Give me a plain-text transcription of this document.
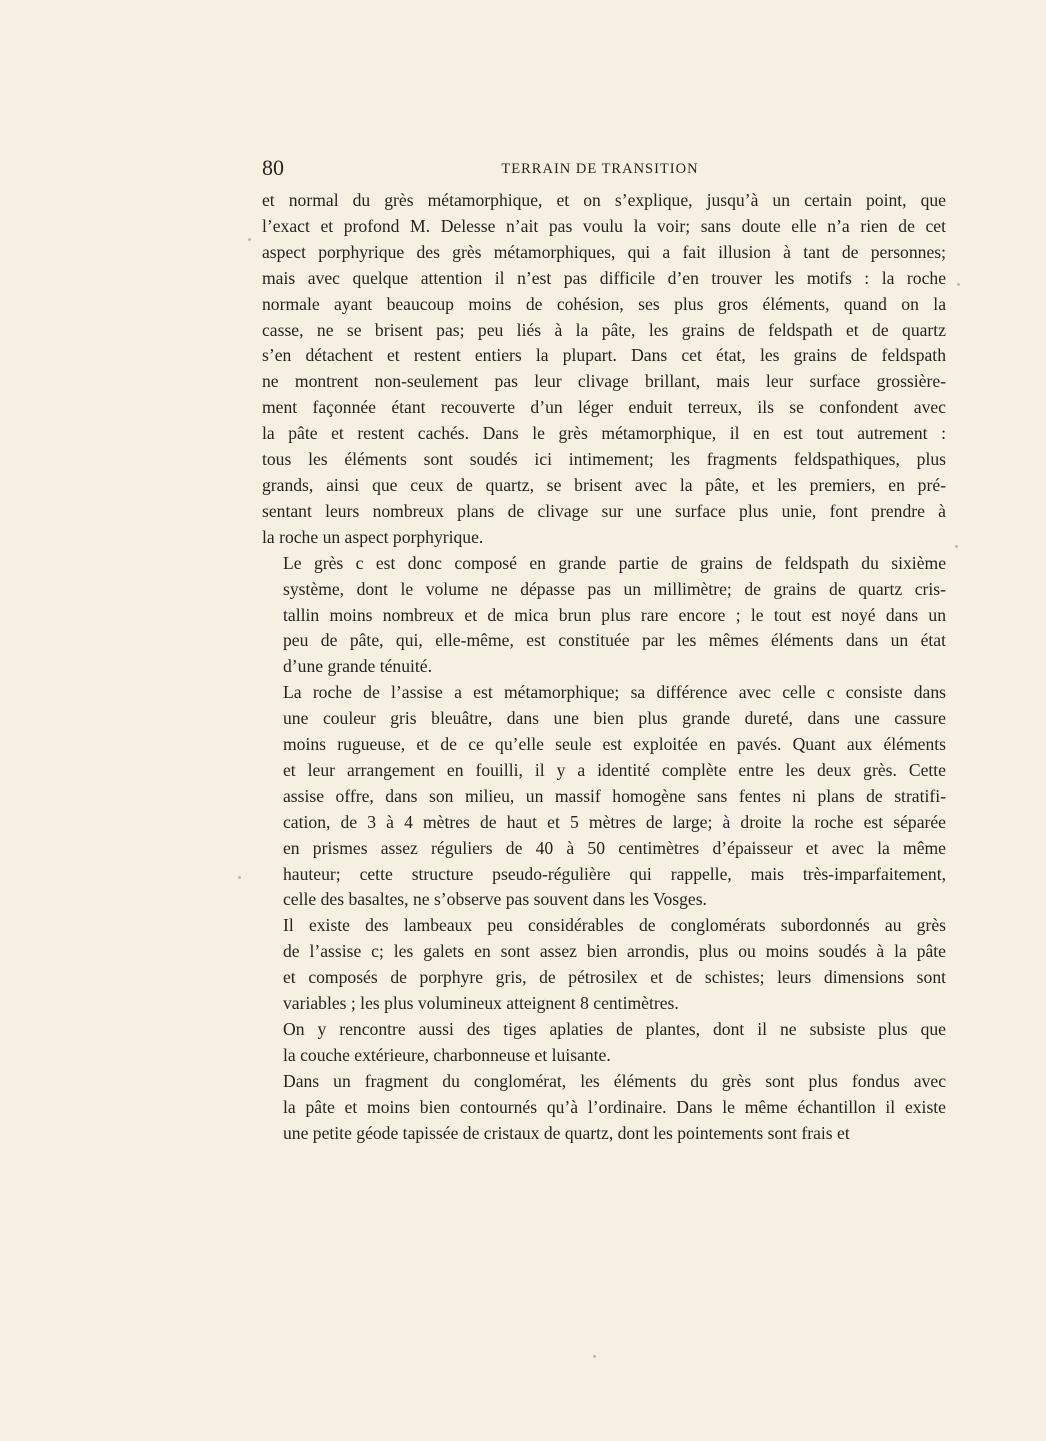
80	TERRAIN DE TRANSITION
et normal du grès métamorphique, et on s’explique, jusqu’à un certain point, que
l’exact et profond M. Delesse n’ait pas voulu la voir; sans doute elle n’a rien de cet
aspect porphyrique des grès métamorphiques, qui a fait illusion à tant de personnes;
mais avec quelque attention il n’est pas difficile d’en trouver les motifs : la roche
normale ayant beaucoup moins de cohésion, ses plus gros éléments, quand on la
casse, ne se brisent pas; peu liés à la pâte, les grains de feldspath et de quartz
s’en détachent et restent entiers la plupart. Dans cet état, les grains de feldspath
ne montrent non-seulement pas leur clivage brillant, mais leur surface grossière-
ment façonnée étant recouverte d’un léger enduit terreux, ils se confondent avec
la pâte et restent cachés. Dans le grès métamorphique, il en est tout autrement :
tous les éléments sont soudés ici intimement; les fragments feldspathiques, plus
grands, ainsi que ceux de quartz, se brisent avec la pâte, et les premiers, en pré-
sentant leurs nombreux plans de clivage sur une surface plus unie, font prendre à
la roche un aspect porphyrique.
Le grès c est donc composé en grande partie de grains de feldspath du sixième
système, dont le volume ne dépasse pas un millimètre; de grains de quartz cris-
tallin moins nombreux et de mica brun plus rare encore ; le tout est noyé dans un
peu de pâte, qui, elle-même, est constituée par les mêmes éléments dans un état
d’une grande ténuité.
La roche de l’assise a est métamorphique; sa différence avec celle c consiste dans
une couleur gris bleuâtre, dans une bien plus grande dureté, dans une cassure
moins rugueuse, et de ce qu’elle seule est exploitée en pavés. Quant aux éléments
et leur arrangement en fouilli, il y a identité complète entre les deux grès. Cette
assise offre, dans son milieu, un massif homogène sans fentes ni plans de stratifi-
cation, de 3 à 4 mètres de haut et 5 mètres de large; à droite la roche est séparée
en prismes assez réguliers de 40 à 50 centimètres d’épaisseur et avec la même
hauteur; cette structure pseudo-régulière qui rappelle, mais très-imparfaitement,
celle des basaltes, ne s’observe pas souvent dans les Vosges.
Il existe des lambeaux peu considérables de conglomérats subordonnés au grès
de l’assise c; les galets en sont assez bien arrondis, plus ou moins soudés à la pâte
et composés de porphyre gris, de pétrosilex et de schistes; leurs dimensions sont
variables ; les plus volumineux atteignent 8 centimètres.
On y rencontre aussi des tiges aplaties de plantes, dont il ne subsiste plus que
la couche extérieure, charbonneuse et luisante.
Dans un fragment du conglomérat, les éléments du grès sont plus fondus avec
la pâte et moins bien contournés qu’à l’ordinaire. Dans le même échantillon il existe
une petite géode tapissée de cristaux de quartz, dont les pointements sont frais et
